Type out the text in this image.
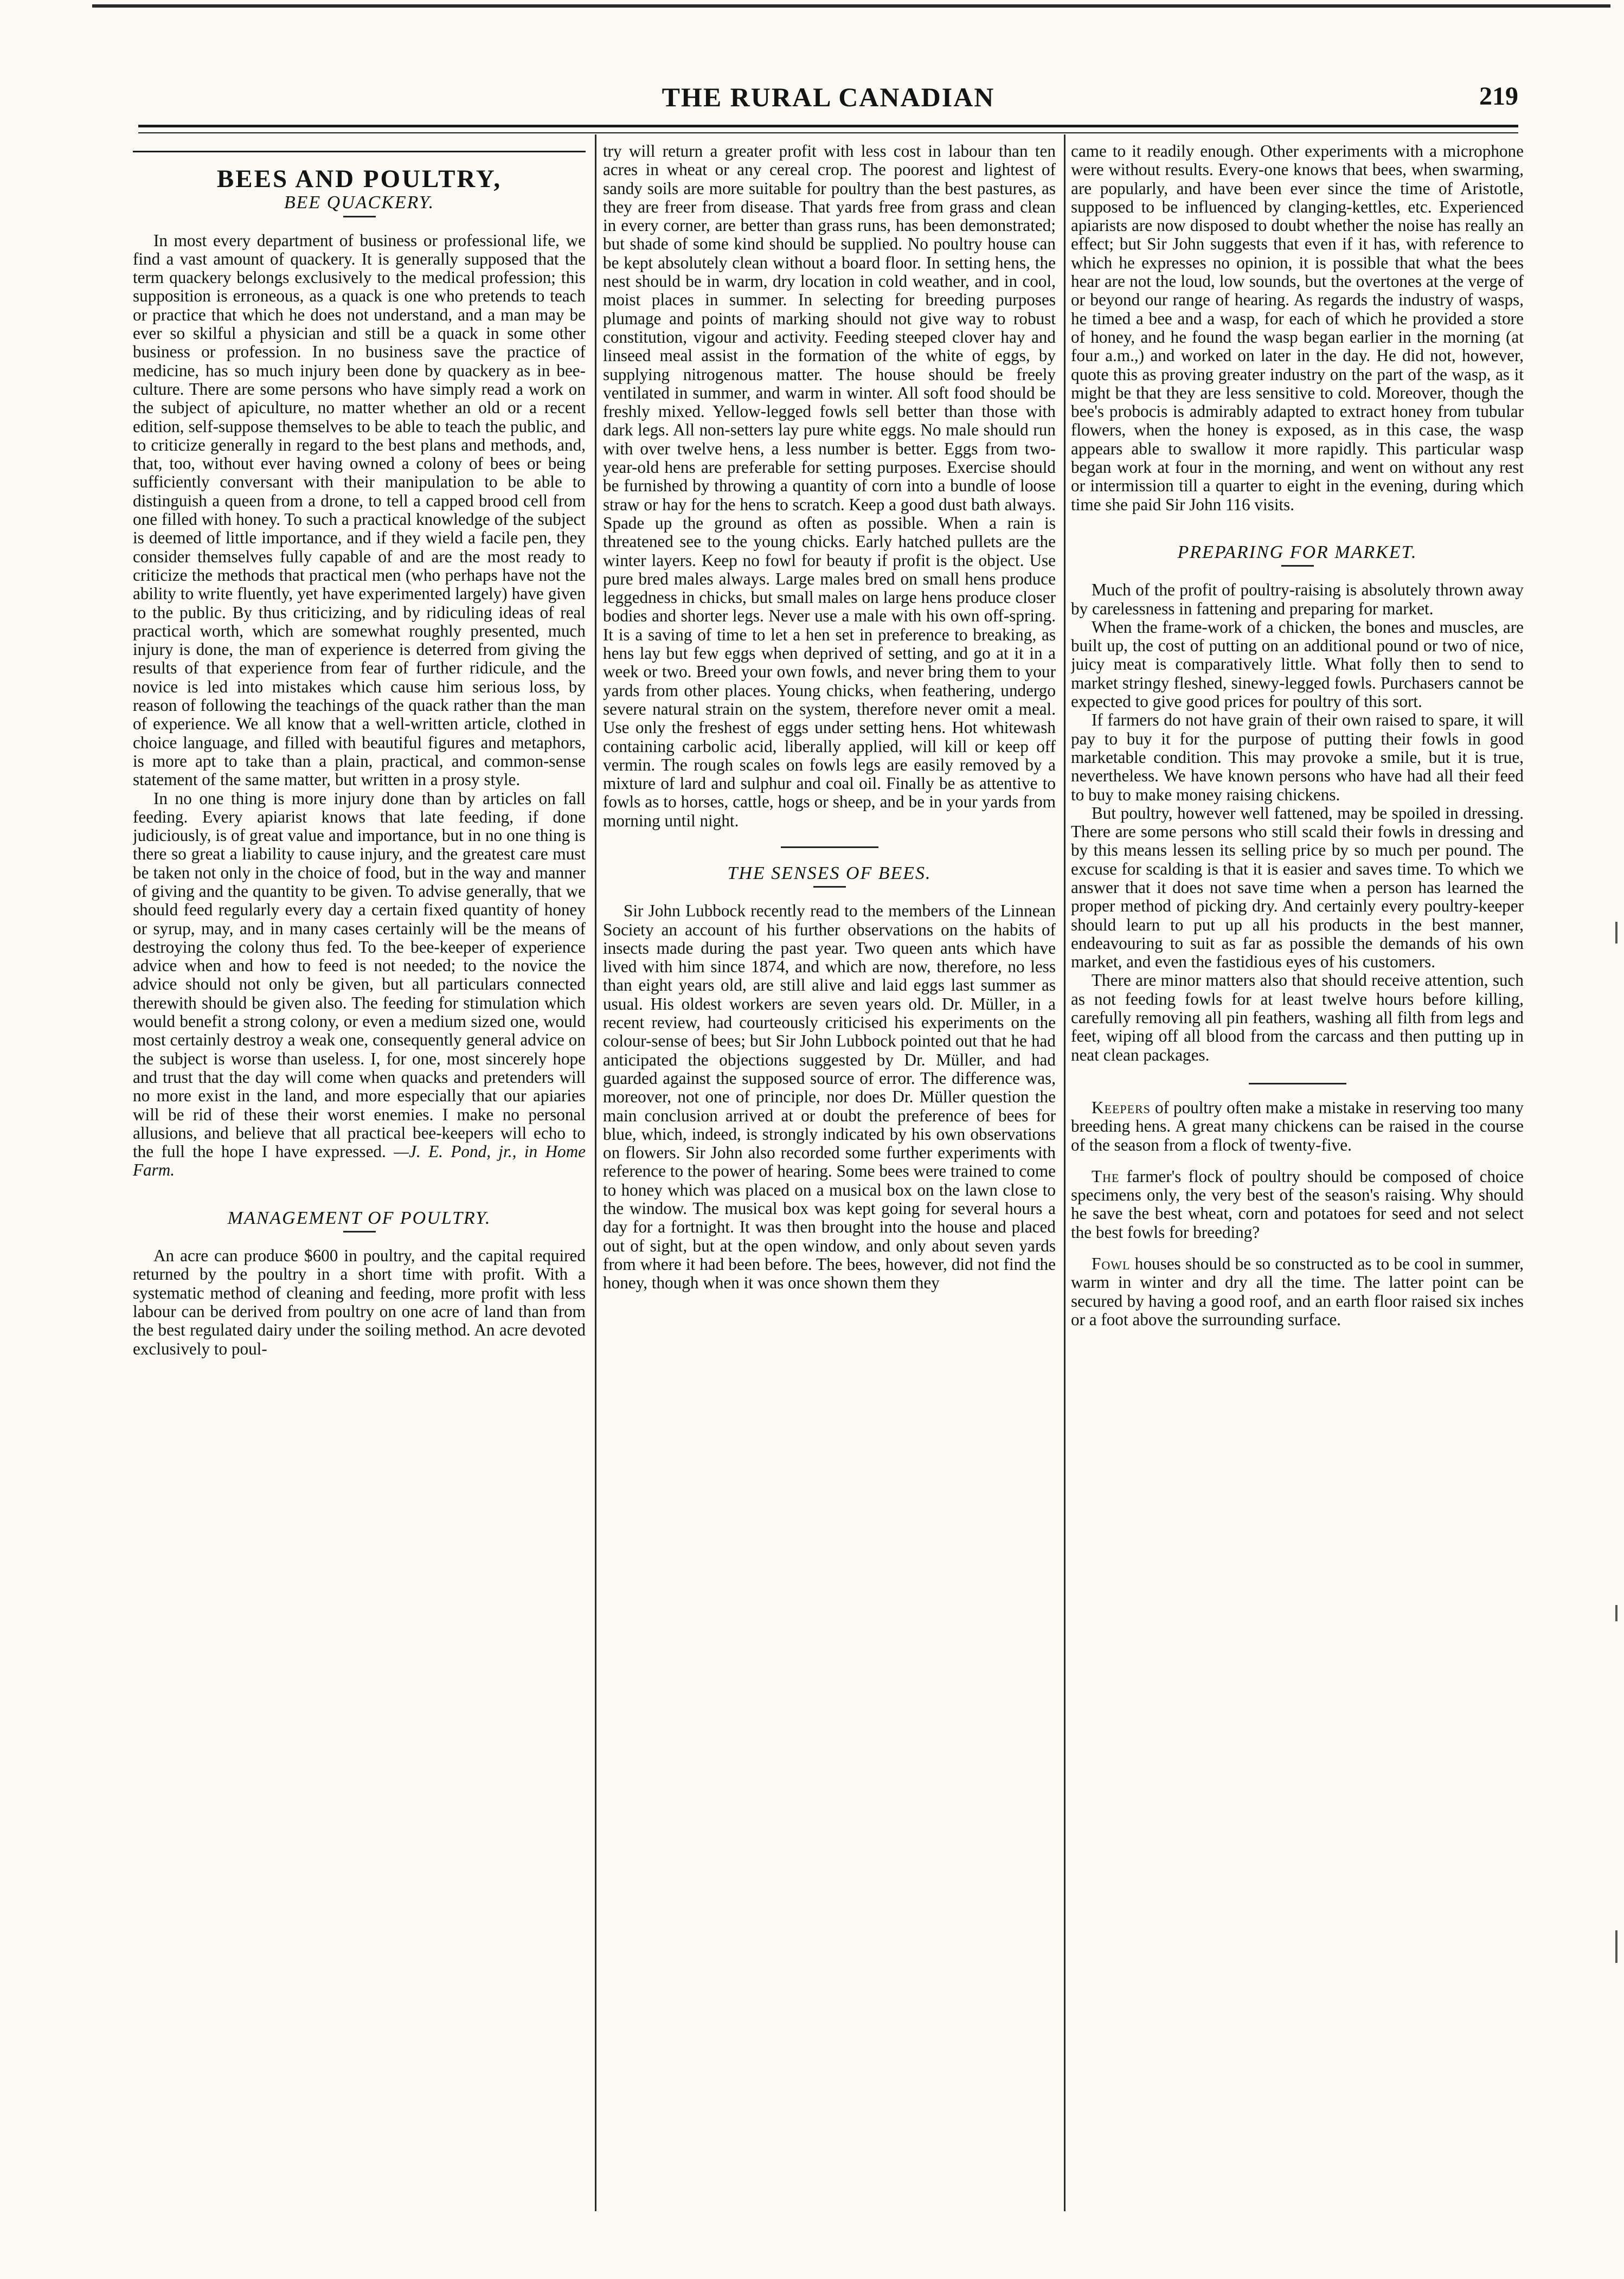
THE RURAL CANADIAN	219
BEES AND POULTRY,
BEE QUACKERY.

In most every department of business or professional life, we find a vast amount of quackery. It is generally supposed that the term quackery belongs exclusively to the medical profession; this supposition is erroneous, as a quack is one who pretends to teach or practice that which he does not understand, and a man may be ever so skilful a physician and still be a quack in some other business or profession. In no business save the practice of medicine, has so much injury been done by quackery as in bee-culture. There are some persons who have simply read a work on the subject of apiculture, no matter whether an old or a recent edition, self-suppose themselves to be able to teach the public, and to criticize generally in regard to the best plans and methods, and, that, too, without ever having owned a colony of bees or being sufficiently conversant with their manipulation to be able to distinguish a queen from a drone, to tell a capped brood cell from one filled with honey. To such a practical knowledge of the subject is deemed of little importance, and if they wield a facile pen, they consider themselves fully capable of and are the most ready to criticize the methods that practical men (who perhaps have not the ability to write fluently, yet have experimented largely) have given to the public. By thus criticizing, and by ridiculing ideas of real practical worth, which are somewhat roughly presented, much injury is done, the man of experience is deterred from giving the results of that experience from fear of further ridicule, and the novice is led into mistakes which cause him serious loss, by reason of following the teachings of the quack rather than the man of experience. We all know that a well-written article, clothed in choice language, and filled with beautiful figures and metaphors, is more apt to take than a plain, practical, and common-sense statement of the same matter, but written in a prosy style.

In no one thing is more injury done than by articles on fall feeding. Every apiarist knows that late feeding, if done judiciously, is of great value and importance, but in no one thing is there so great a liability to cause injury, and the greatest care must be taken not only in the choice of food, but in the way and manner of giving and the quantity to be given. To advise generally, that we should feed regularly every day a certain fixed quantity of honey or syrup, may, and in many cases certainly will be the means of destroying the colony thus fed. To the bee-keeper of experience advice when and how to feed is not needed; to the novice the advice should not only be given, but all particulars connected therewith should be given also. The feeding for stimulation which would benefit a strong colony, or even a medium sized one, would most certainly destroy a weak one, consequently general advice on the subject is worse than useless. I, for one, most sincerely hope and trust that the day will come when quacks and pretenders will no more exist in the land, and more especially that our apiaries will be rid of these their worst enemies. I make no personal allusions, and believe that all practical bee-keepers will echo to the full the hope I have expressed. —J. E. Pond, jr., in Home Farm.

MANAGEMENT OF POULTRY.

An acre can produce $600 in poultry, and the capital required returned by the poultry in a short time with profit. With a systematic method of cleaning and feeding, more profit with less labour can be derived from poultry on one acre of land than from the best regulated dairy under the soiling method. An acre devoted exclusively to poul-

try will return a greater profit with less cost in labour than ten acres in wheat or any cereal crop. The poorest and lightest of sandy soils are more suitable for poultry than the best pastures, as they are freer from disease. That yards free from grass and clean in every corner, are better than grass runs, has been demonstrated; but shade of some kind should be supplied. No poultry house can be kept absolutely clean without a board floor. In setting hens, the nest should be in warm, dry location in cold weather, and in cool, moist places in summer. In selecting for breeding purposes plumage and points of marking should not give way to robust constitution, vigour and activity. Feeding steeped clover hay and linseed meal assist in the formation of the white of eggs, by supplying nitrogenous matter. The house should be freely ventilated in summer, and warm in winter. All soft food should be freshly mixed. Yellow-legged fowls sell better than those with dark legs. All non-setters lay pure white eggs. No male should run with over twelve hens, a less number is better. Eggs from two-year-old hens are preferable for setting purposes. Exercise should be furnished by throwing a quantity of corn into a bundle of loose straw or hay for the hens to scratch. Keep a good dust bath always. Spade up the ground as often as possible. When a rain is threatened see to the young chicks. Early hatched pullets are the winter layers. Keep no fowl for beauty if profit is the object. Use pure bred males always. Large males bred on small hens produce leggedness in chicks, but small males on large hens produce closer bodies and shorter legs. Never use a male with his own off-spring. It is a saving of time to let a hen set in preference to breaking, as hens lay but few eggs when deprived of setting, and go at it in a week or two. Breed your own fowls, and never bring them to your yards from other places. Young chicks, when feathering, undergo severe natural strain on the system, therefore never omit a meal. Use only the freshest of eggs under setting hens. Hot whitewash containing carbolic acid, liberally applied, will kill or keep off vermin. The rough scales on fowls legs are easily removed by a mixture of lard and sulphur and coal oil. Finally be as attentive to fowls as to horses, cattle, hogs or sheep, and be in your yards from morning until night.

THE SENSES OF BEES.

Sir John Lubbock recently read to the members of the Linnean Society an account of his further observations on the habits of insects made during the past year. Two queen ants which have lived with him since 1874, and which are now, therefore, no less than eight years old, are still alive and laid eggs last summer as usual. His oldest workers are seven years old. Dr. Müller, in a recent review, had courteously criticised his experiments on the colour-sense of bees; but Sir John Lubbock pointed out that he had anticipated the objections suggested by Dr. Müller, and had guarded against the supposed source of error. The difference was, moreover, not one of principle, nor does Dr. Müller question the main conclusion arrived at or doubt the preference of bees for blue, which, indeed, is strongly indicated by his own observations on flowers. Sir John also recorded some further experiments with reference to the power of hearing. Some bees were trained to come to honey which was placed on a musical box on the lawn close to the window. The musical box was kept going for several hours a day for a fortnight. It was then brought into the house and placed out of sight, but at the open window, and only about seven yards from where it had been before. The bees, however, did not find the honey, though when it was once shown them they

came to it readily enough. Other experiments with a microphone were without results. Every-one knows that bees, when swarming, are popularly, and have been ever since the time of Aristotle, supposed to be influenced by clanging-kettles, etc. Experienced apiarists are now disposed to doubt whether the noise has really an effect; but Sir John suggests that even if it has, with reference to which he expresses no opinion, it is possible that what the bees hear are not the loud, low sounds, but the overtones at the verge of or beyond our range of hearing. As regards the industry of wasps, he timed a bee and a wasp, for each of which he provided a store of honey, and he found the wasp began earlier in the morning (at four a.m.,) and worked on later in the day. He did not, however, quote this as proving greater industry on the part of the wasp, as it might be that they are less sensitive to cold. Moreover, though the bee's probocis is admirably adapted to extract honey from tubular flowers, when the honey is exposed, as in this case, the wasp appears able to swallow it more rapidly. This particular wasp began work at four in the morning, and went on without any rest or intermission till a quarter to eight in the evening, during which time she paid Sir John 116 visits.

PREPARING FOR MARKET.

Much of the profit of poultry-raising is absolutely thrown away by carelessness in fattening and preparing for market.

When the frame-work of a chicken, the bones and muscles, are built up, the cost of putting on an additional pound or two of nice, juicy meat is comparatively little. What folly then to send to market stringy fleshed, sinewy-legged fowls. Purchasers cannot be expected to give good prices for poultry of this sort.

If farmers do not have grain of their own raised to spare, it will pay to buy it for the purpose of putting their fowls in good marketable condition. This may provoke a smile, but it is true, nevertheless. We have known persons who have had all their feed to buy to make money raising chickens.

But poultry, however well fattened, may be spoiled in dressing. There are some persons who still scald their fowls in dressing and by this means lessen its selling price by so much per pound. The excuse for scalding is that it is easier and saves time. To which we answer that it does not save time when a person has learned the proper method of picking dry. And certainly every poultry-keeper should learn to put up all his products in the best manner, endeavouring to suit as far as possible the demands of his own market, and even the fastidious eyes of his customers.

There are minor matters also that should receive attention, such as not feeding fowls for at least twelve hours before killing, carefully removing all pin feathers, washing all filth from legs and feet, wiping off all blood from the carcass and then putting up in neat clean packages.

Keepers of poultry often make a mistake in reserving too many breeding hens. A great many chickens can be raised in the course of the season from a flock of twenty-five.

The farmer's flock of poultry should be composed of choice specimens only, the very best of the season's raising. Why should he save the best wheat, corn and potatoes for seed and not select the best fowls for breeding?

Fowl houses should be so constructed as to be cool in summer, warm in winter and dry all the time. The latter point can be secured by having a good roof, and an earth floor raised six inches or a foot above the surrounding surface.
